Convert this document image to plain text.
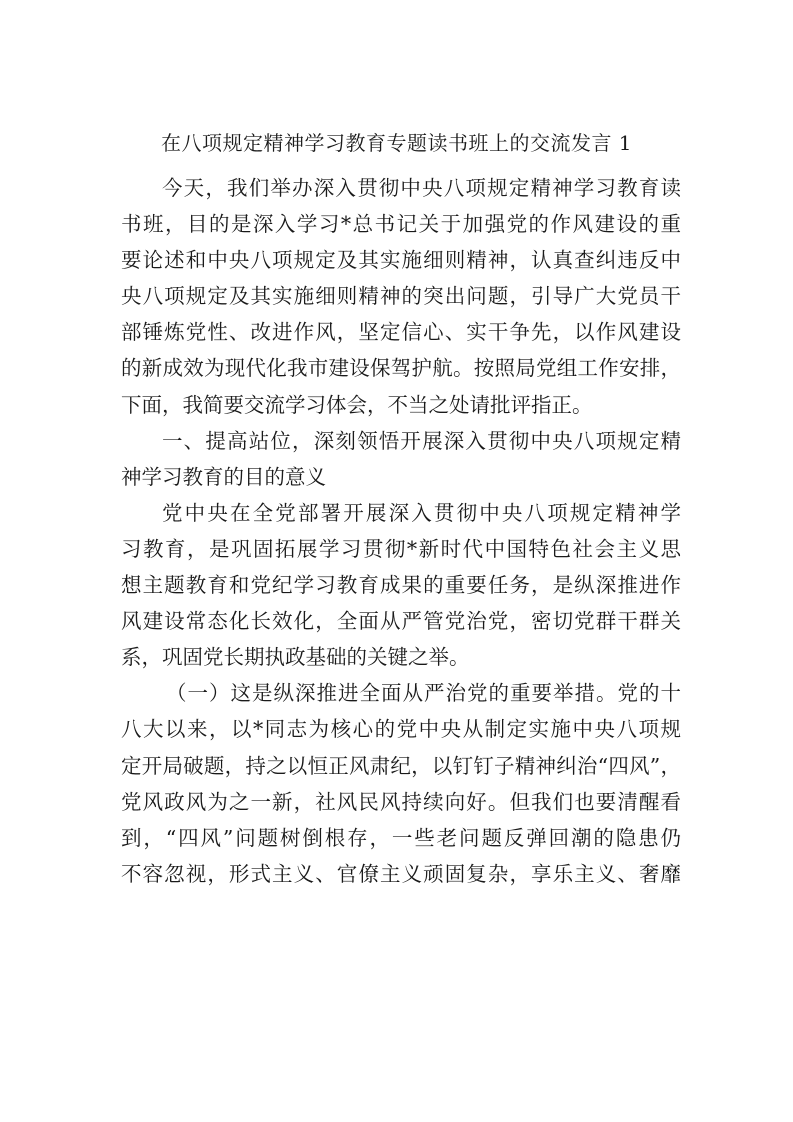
在八项规定精神学习教育专题读书班上的交流发言 1
今天，我们举办深入贯彻中央八项规定精神学习教育读
书班，目的是深入学习*总书记关于加强党的作风建设的重
要论述和中央八项规定及其实施细则精神，认真查纠违反中
央八项规定及其实施细则精神的突出问题，引导广大党员干
部锤炼党性、改进作风，坚定信心、实干争先，以作风建设
的新成效为现代化我市建设保驾护航。按照局党组工作安排，
下面，我简要交流学习体会，不当之处请批评指正。
一、提高站位，深刻领悟开展深入贯彻中央八项规定精
神学习教育的目的意义
党中央在全党部署开展深入贯彻中央八项规定精神学
习教育，是巩固拓展学习贯彻*新时代中国特色社会主义思
想主题教育和党纪学习教育成果的重要任务，是纵深推进作
风建设常态化长效化，全面从严管党治党，密切党群干群关
系，巩固党长期执政基础的关键之举。
（一）这是纵深推进全面从严治党的重要举措。党的十
八大以来，以*同志为核心的党中央从制定实施中央八项规
定开局破题，持之以恒正风肃纪，以钉钉子精神纠治“四风”，
党风政风为之一新，社风民风持续向好。但我们也要清醒看
到，“四风”问题树倒根存，一些老问题反弹回潮的隐患仍
不容忽视，形式主义、官僚主义顽固复杂，享乐主义、奢靡
